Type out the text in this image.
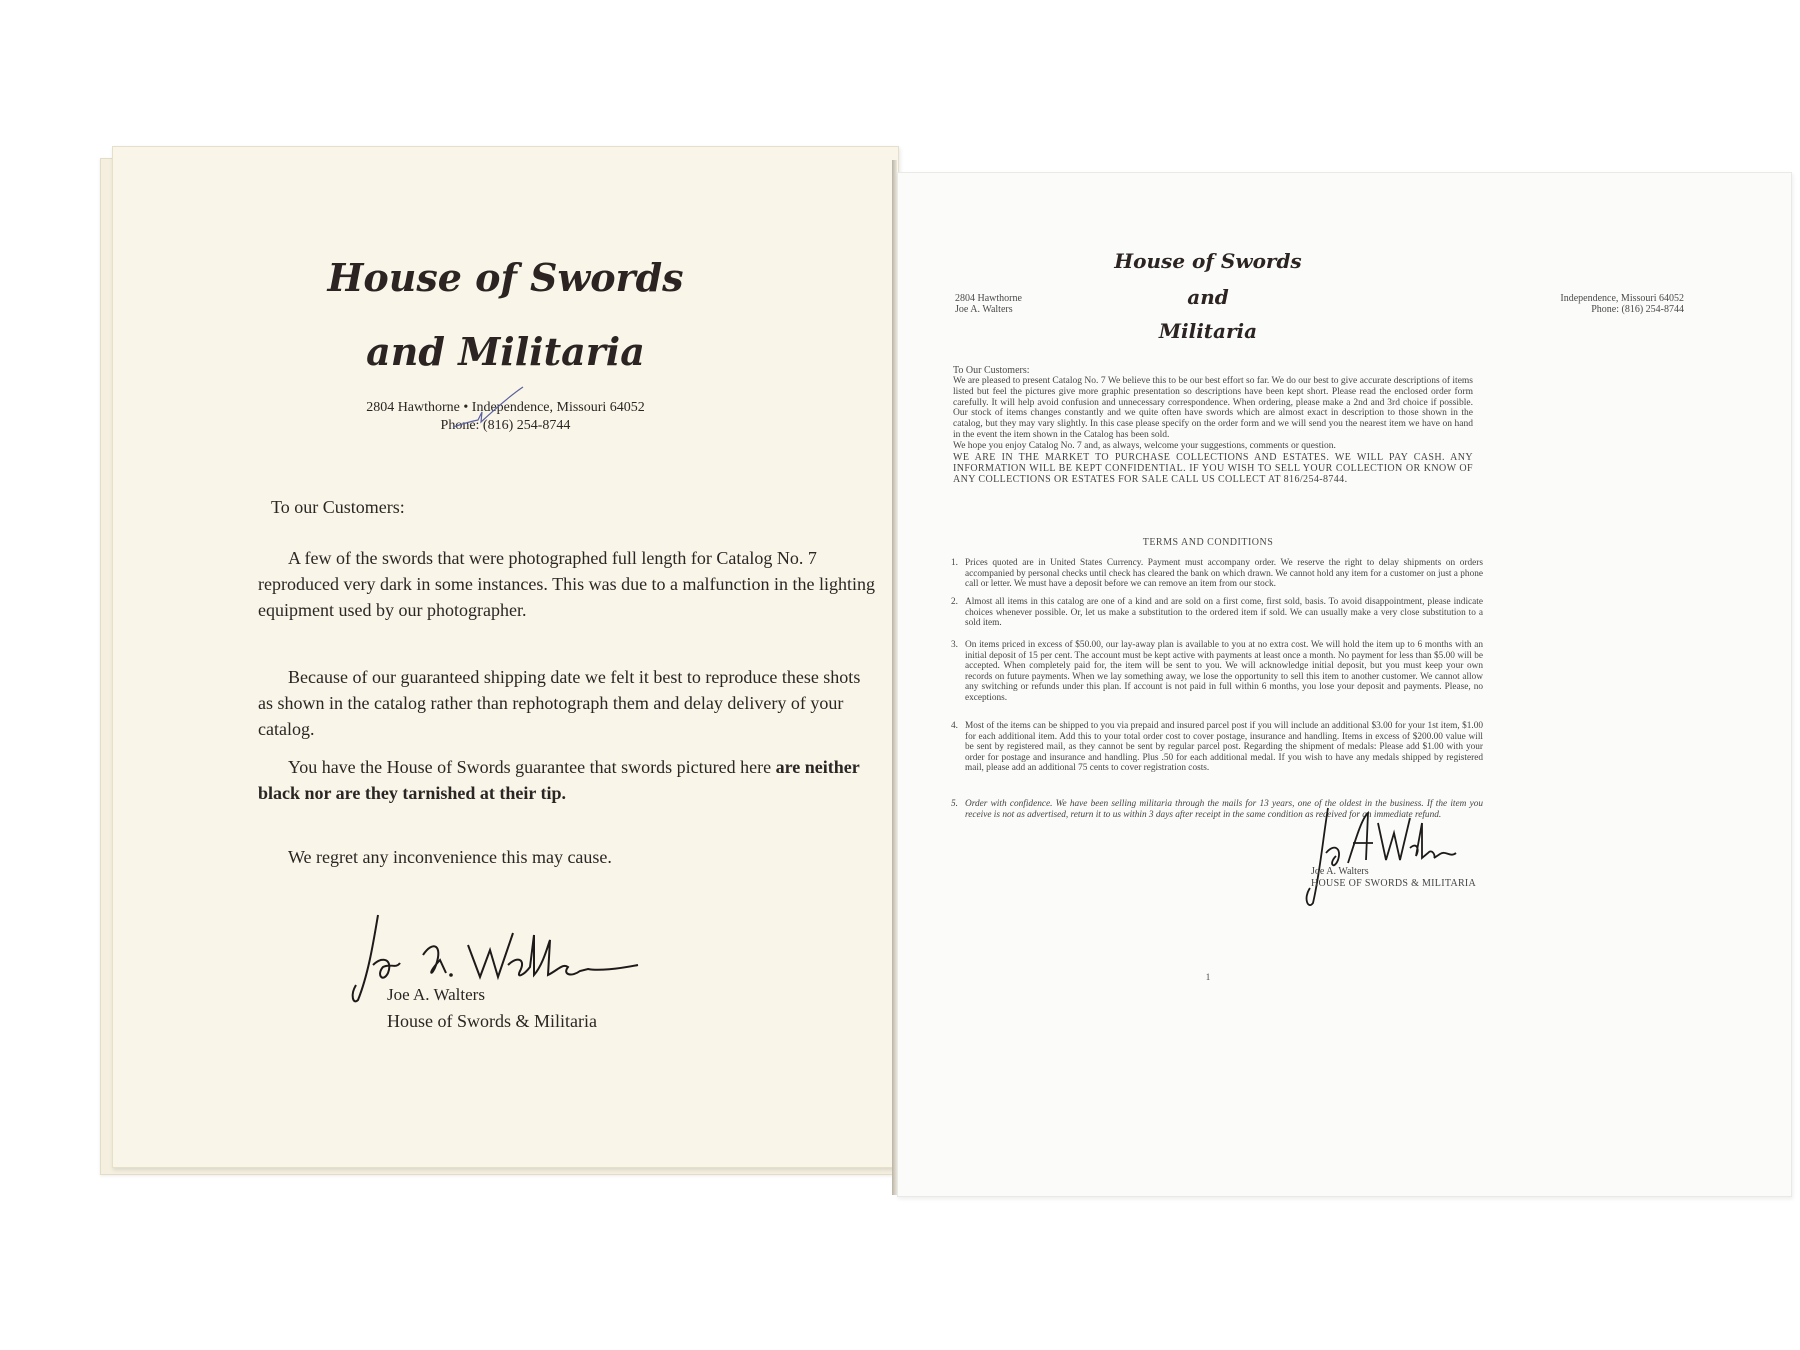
House of Swords
and Militaria
2804 Hawthorne • Independence, Missouri 64052
Phone: (816) 254-8744
To our Customers:
A few of the swords that were photographed full length for Catalog No. 7 reproduced very dark in some instances. This was due to a malfunction in the lighting equipment used by our photographer.
Because of our guaranteed shipping date we felt it best to reproduce these shots as shown in the catalog rather than rephotograph them and delay delivery of your catalog.
You have the House of Swords guarantee that swords pictured here are neither black nor are they tarnished at their tip.
We regret any inconvenience this may cause.
Joe A. Walters
House of Swords & Militaria
House of Swords
and
Militaria
2804 Hawthorne
Joe A. Walters
Independence, Missouri 64052
Phone: (816) 254-8744
To Our Customers:
We are pleased to present Catalog No. 7 We believe this to be our best effort so far. We do our best to give accurate descriptions of items listed but feel the pictures give more graphic presentation so descriptions have been kept short. Please read the enclosed order form carefully. It will help avoid confusion and unnecessary correspondence. When ordering, please make a 2nd and 3rd choice if possible. Our stock of items changes constantly and we quite often have swords which are almost exact in description to those shown in the catalog, but they may vary slightly. In this case please specify on the order form and we will send you the nearest item we have on hand in the event the item shown in the Catalog has been sold.
We hope you enjoy Catalog No. 7 and, as always, welcome your suggestions, comments or question.
WE ARE IN THE MARKET TO PURCHASE COLLECTIONS AND ESTATES. WE WILL PAY CASH. ANY INFORMATION WILL BE KEPT CONFIDENTIAL. IF YOU WISH TO SELL YOUR COLLECTION OR KNOW OF ANY COLLECTIONS OR ESTATES FOR SALE CALL US COLLECT AT 816/254-8744.
TERMS AND CONDITIONS
1. Prices quoted are in United States Currency. Payment must accompany order. We reserve the right to delay shipments on orders accompanied by personal checks until check has cleared the bank on which drawn. We cannot hold any item for a customer on just a phone call or letter. We must have a deposit before we can remove an item from our stock.
2. Almost all items in this catalog are one of a kind and are sold on a first come, first sold, basis. To avoid disappointment, please indicate choices whenever possible. Or, let us make a substitution to the ordered item if sold. We can usually make a very close substitution to a sold item.
3. On items priced in excess of $50.00, our lay-away plan is available to you at no extra cost. We will hold the item up to 6 months with an initial deposit of 15 per cent. The account must be kept active with payments at least once a month. No payment for less than $5.00 will be accepted. When completely paid for, the item will be sent to you. We will acknowledge initial deposit, but you must keep your own records on future payments. When we lay something away, we lose the opportunity to sell this item to another customer. We cannot allow any switching or refunds under this plan. If account is not paid in full within 6 months, you lose your deposit and payments. Please, no exceptions.
4. Most of the items can be shipped to you via prepaid and insured parcel post if you will include an additional $3.00 for your 1st item, $1.00 for each additional item. Add this to your total order cost to cover postage, insurance and handling. Items in excess of $200.00 value will be sent by registered mail, as they cannot be sent by regular parcel post. Regarding the shipment of medals: Please add $1.00 with your order for postage and insurance and handling. Plus .50 for each additional medal. If you wish to have any medals shipped by registered mail, please add an additional 75 cents to cover registration costs.
5. Order with confidence. We have been selling militaria through the mails for 13 years, one of the oldest in the business. If the item you receive is not as advertised, return it to us within 3 days after receipt in the same condition as received for an immediate refund.
Joe A. Walters
HOUSE OF SWORDS & MILITARIA
1
